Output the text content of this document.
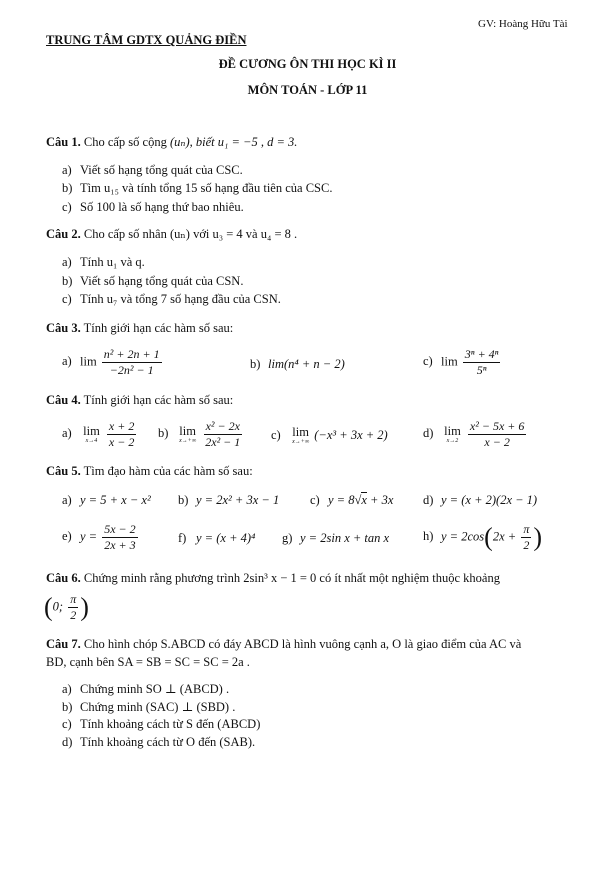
GV: Hoàng Hữu Tài
TRUNG TÂM GDTX QUẢNG ĐIỀN
ĐỀ CƯƠNG ÔN THI HỌC KÌ II
MÔN TOÁN - LỚP 11
Câu 1. Cho cấp số cộng (uₙ), biết u₁ = −5 , d = 3.
a) Viết số hạng tổng quát của CSC.
b) Tìm u₁₅ và tính tổng 15 số hạng đầu tiên của CSC.
c) Số 100 là số hạng thứ bao nhiêu.
Câu 2. Cho cấp số nhân (uₙ) với u₃ = 4 và u₄ = 8 .
a) Tính u₁ và q.
b) Viết số hạng tổng quát của CSN.
c) Tính u₇ và tổng 7 số hạng đầu của CSN.
Câu 3. Tính giới hạn các hàm số sau:
a) $\lim \frac{\text{n² + 2n + 1}}{\text{−2n² − 1}}$	b) lim(n⁴ + n − 2)	c) $\lim \frac{\text{3ⁿ + 4ⁿ}}{\text{5ⁿ}}$
Câu 4. Tính giới hạn các hàm số sau:
a) lim
x→4
$\frac{x + 2}{x - 2} b$) lim
x→+∞
$\frac{\text{x² − 2x}}{\text{2x² − 1}} c$) lim
x→+∞
(−x³ + 3x + 2)	d) lim
x→2
$\frac{\text{x² − 5x + 6}}{x - 2}$
Câu 5. Tìm đạo hàm của các hàm số sau:
a) y = 5 + x − x² b) y = 2x² + 3x − 1 c) y = 8√x + 3x d) y = (x + 2)(2x − 1)
e) $y = \frac{5x - 2}{2x + 3}$	f) y = (x + 4)⁴ g) y = 2sin x + tan x	h) $y = 2\cos(2x + \frac{\pi}{2}$ )
Câu 6. Chứng minh rằng phương trình 2sin³ x − 1 = 0 có ít nhất một nghiệm thuộc khoảng
(0; $\frac{\pi}{2}$ )
Câu 7. Cho hình chóp S.ABCD có đáy ABCD là hình vuông cạnh a, O là giao điểm của AC và
BD, cạnh bên SA = SB = SC = SC = 2a .
a) Chứng minh SO ⊥ (ABCD) .
b) Chứng minh (SAC) ⊥ (SBD) .
c) Tính khoảng cách từ S đến (ABCD)
d) Tính khoảng cách từ O đến (SAB).
